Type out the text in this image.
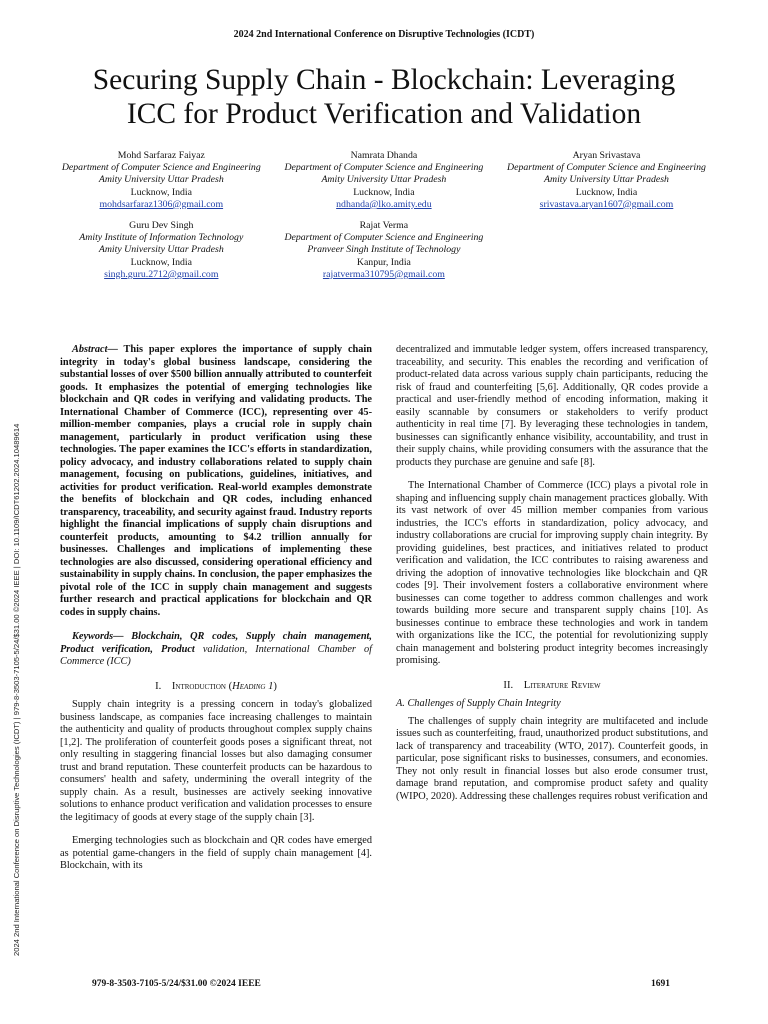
2024 2nd International Conference on Disruptive Technologies (ICDT)
Securing Supply Chain - Blockchain: Leveraging
ICC for Product Verification and Validation
Mohd Sarfaraz Faiyaz
Department of Computer Science and Engineering
Amity University Uttar Pradesh
Lucknow, India
mohdsarfaraz1306@gmail.com
Namrata Dhanda
Department of Computer Science and Engineering
Amity University Uttar Pradesh
Lucknow, India
ndhanda@lko.amity.edu
Aryan Srivastava
Department of Computer Science and Engineering
Amity University Uttar Pradesh
Lucknow, India
srivastava.aryan1607@gmail.com
Guru Dev Singh
Amity Institute of Information Technology
Amity University Uttar Pradesh
Lucknow, India
singh.guru.2712@gmail.com
Rajat Verma
Department of Computer Science and Engineering
Pranveer Singh Institute of Technology
Kanpur, India
rajatverma310795@gmail.com
2024 2nd International Conference on Disruptive Technologies (ICDT) | 979-8-3503-7105-5/24/$31.00 ©2024 IEEE | DOI: 10.1109/ICDT61202.2024.10489614

Abstract— This paper explores the importance of supply chain integrity in today's global business landscape, considering the substantial losses of over $500 billion annually attributed to counterfeit goods. It emphasizes the potential of emerging technologies like blockchain and QR codes in verifying and validating products. The International Chamber of Commerce (ICC), representing over 45-million-member companies, plays a crucial role in supply chain management, particularly in product verification using these technologies. The paper examines the ICC's efforts in standardization, policy advocacy, and industry collaborations related to supply chain management, focusing on publications, guidelines, initiatives, and activities for product verification. Real-world examples demonstrate the benefits of blockchain and QR codes, including enhanced transparency, traceability, and security against fraud. Industry reports highlight the financial implications of supply chain disruptions and counterfeit products, amounting to $4.2 trillion annually for businesses. Challenges and implications of implementing these technologies are also discussed, considering operational efficiency and sustainability in supply chains. In conclusion, the paper emphasizes the pivotal role of the ICC in supply chain management and suggests further research and practical applications for blockchain and QR codes in supply chains.

Keywords— Blockchain, QR codes, Supply chain management, Product verification, Product validation, International Chamber of Commerce (ICC)

I. Introduction (Heading 1)

Supply chain integrity is a pressing concern in today's globalized business landscape, as companies face increasing challenges to maintain the authenticity and quality of products throughout complex supply chains [1,2]. The proliferation of counterfeit goods poses a significant threat, not only resulting in staggering financial losses but also damaging consumer trust and brand reputation. These counterfeit products can be hazardous to consumers' health and safety, undermining the overall integrity of the supply chain. As a result, businesses are actively seeking innovative solutions to enhance product verification and validation processes to ensure the legitimacy of goods at every stage of the supply chain [3].

Emerging technologies such as blockchain and QR codes have emerged as potential game-changers in the field of supply chain management [4]. Blockchain, with its

decentralized and immutable ledger system, offers increased transparency, traceability, and security. This enables the recording and verification of product-related data across various supply chain participants, reducing the risk of fraud and counterfeiting [5,6]. Additionally, QR codes provide a practical and user-friendly method of encoding information, making it easily scannable by consumers or stakeholders to verify product authenticity in real time [7]. By leveraging these technologies in tandem, businesses can significantly enhance visibility, accountability, and trust in their supply chains, while providing consumers with the assurance that the products they purchase are genuine and safe [8].

The International Chamber of Commerce (ICC) plays a pivotal role in shaping and influencing supply chain management practices globally. With its vast network of over 45 million member companies from various industries, the ICC's efforts in standardization, policy advocacy, and industry collaborations are crucial for improving supply chain integrity. By providing guidelines, best practices, and initiatives related to product verification and validation, the ICC contributes to raising awareness and driving the adoption of innovative technologies like blockchain and QR codes [9]. Their involvement fosters a collaborative environment where businesses can come together to address common challenges and work towards building more secure and transparent supply chains [10]. As businesses continue to embrace these technologies and work in tandem with organizations like the ICC, the potential for revolutionizing supply chain management and bolstering product integrity becomes increasingly promising.

II. Literature Review

A. Challenges of Supply Chain Integrity

The challenges of supply chain integrity are multifaceted and include issues such as counterfeiting, fraud, unauthorized product substitutions, and lack of transparency and traceability (WTO, 2017). Counterfeit goods, in particular, pose significant risks to businesses, consumers, and economies. They not only result in financial losses but also erode consumer trust, damage brand reputation, and compromise product safety and quality (WIPO, 2020). Addressing these challenges requires robust verification and

979-8-3503-7105-5/24/$31.00 ©2024 IEEE	1691
